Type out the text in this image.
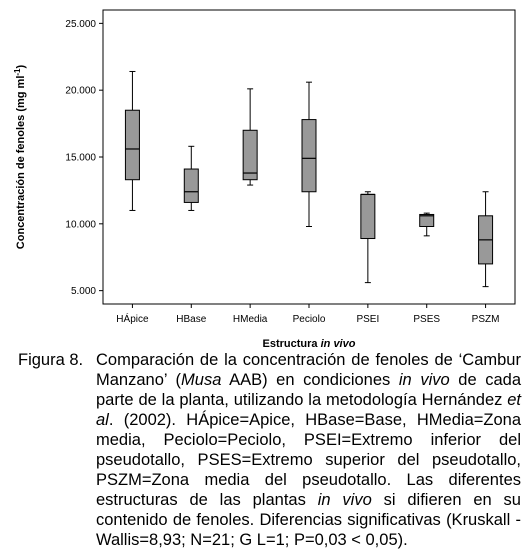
5.000
10.000
15.000
20.000
25.000
HÁpice	HBase	HMedia	Peciolo	PSEI	PSES	PSZM
Estructura in vivo
Concentración de fenoles (mg $ml^{-1}$)
Figura 8. Comparación de la concentración de fenoles de ‘Cambur Manzano’ (Musa AAB) en condiciones in vivo de cada parte de la planta, utilizando la metodología Hernández et al. (2002). HÁpice=Apice, HBase=Base, HMedia=Zona media, Peciolo=Peciolo, PSEI=Extremo inferior del pseudotallo, PSES=Extremo superior del pseudotallo, PSZM=Zona media del pseudotallo. Las diferentes estructuras de las plantas in vivo si difieren en su contenido de fenoles. Diferencias significativas (Kruskall - Wallis=8,93; N=21; G L=1; P=0,03 < 0,05).
